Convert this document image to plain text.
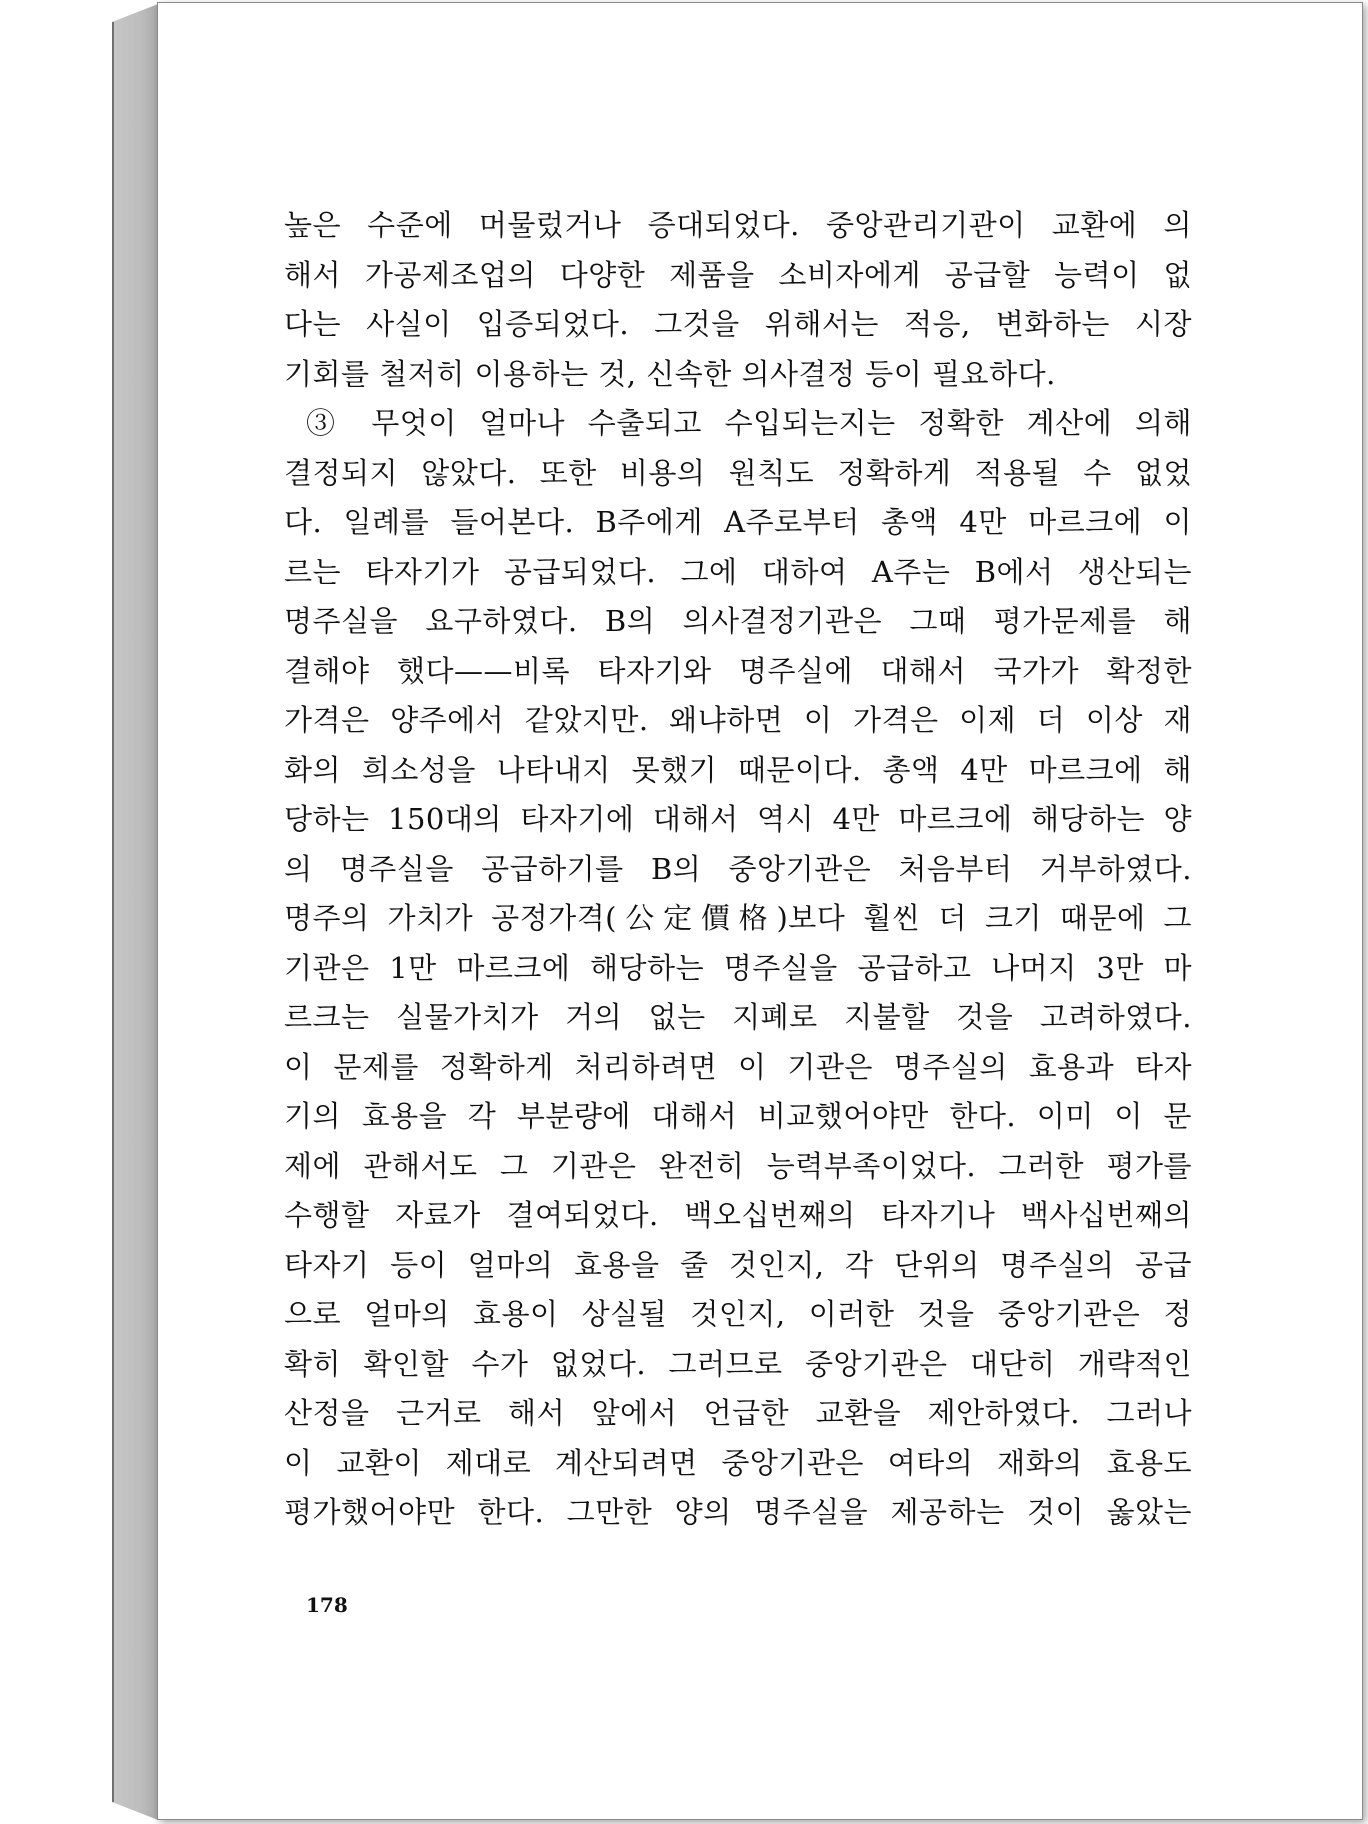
높은 수준에 머물렀거나 증대되었다. 중앙관리기관이 교환에 의
해서 가공제조업의 다양한 제품을 소비자에게 공급할 능력이 없
다는 사실이 입증되었다. 그것을 위해서는 적응, 변화하는 시장
기회를 철저히 이용하는 것, 신속한 의사결정 등이 필요하다.
③ 무엇이 얼마나 수출되고 수입되는지는 정확한 계산에 의해
결정되지 않았다. 또한 비용의 원칙도 정확하게 적용될 수 없었
다. 일례를 들어본다. B주에게 A주로부터 총액 4만 마르크에 이
르는 타자기가 공급되었다. 그에 대하여 A주는 B에서 생산되는
명주실을 요구하였다. B의 의사결정기관은 그때 평가문제를 해
결해야 했다——비록 타자기와 명주실에 대해서 국가가 확정한
가격은 양주에서 같았지만. 왜냐하면 이 가격은 이제 더 이상 재
화의 희소성을 나타내지 못했기 때문이다. 총액 4만 마르크에 해
당하는 150대의 타자기에 대해서 역시 4만 마르크에 해당하는 양
의 명주실을 공급하기를 B의 중앙기관은 처음부터 거부하였다.
명주의 가치가 공정가격(公定價格)보다 훨씬 더 크기 때문에 그
기관은 1만 마르크에 해당하는 명주실을 공급하고 나머지 3만 마
르크는 실물가치가 거의 없는 지폐로 지불할 것을 고려하였다.
이 문제를 정확하게 처리하려면 이 기관은 명주실의 효용과 타자
기의 효용을 각 부분량에 대해서 비교했어야만 한다. 이미 이 문
제에 관해서도 그 기관은 완전히 능력부족이었다. 그러한 평가를
수행할 자료가 결여되었다. 백오십번째의 타자기나 백사십번째의
타자기 등이 얼마의 효용을 줄 것인지, 각 단위의 명주실의 공급
으로 얼마의 효용이 상실될 것인지, 이러한 것을 중앙기관은 정
확히 확인할 수가 없었다. 그러므로 중앙기관은 대단히 개략적인
산정을 근거로 해서 앞에서 언급한 교환을 제안하였다. 그러나
이 교환이 제대로 계산되려면 중앙기관은 여타의 재화의 효용도
평가했어야만 한다. 그만한 양의 명주실을 제공하는 것이 옳았는
178
